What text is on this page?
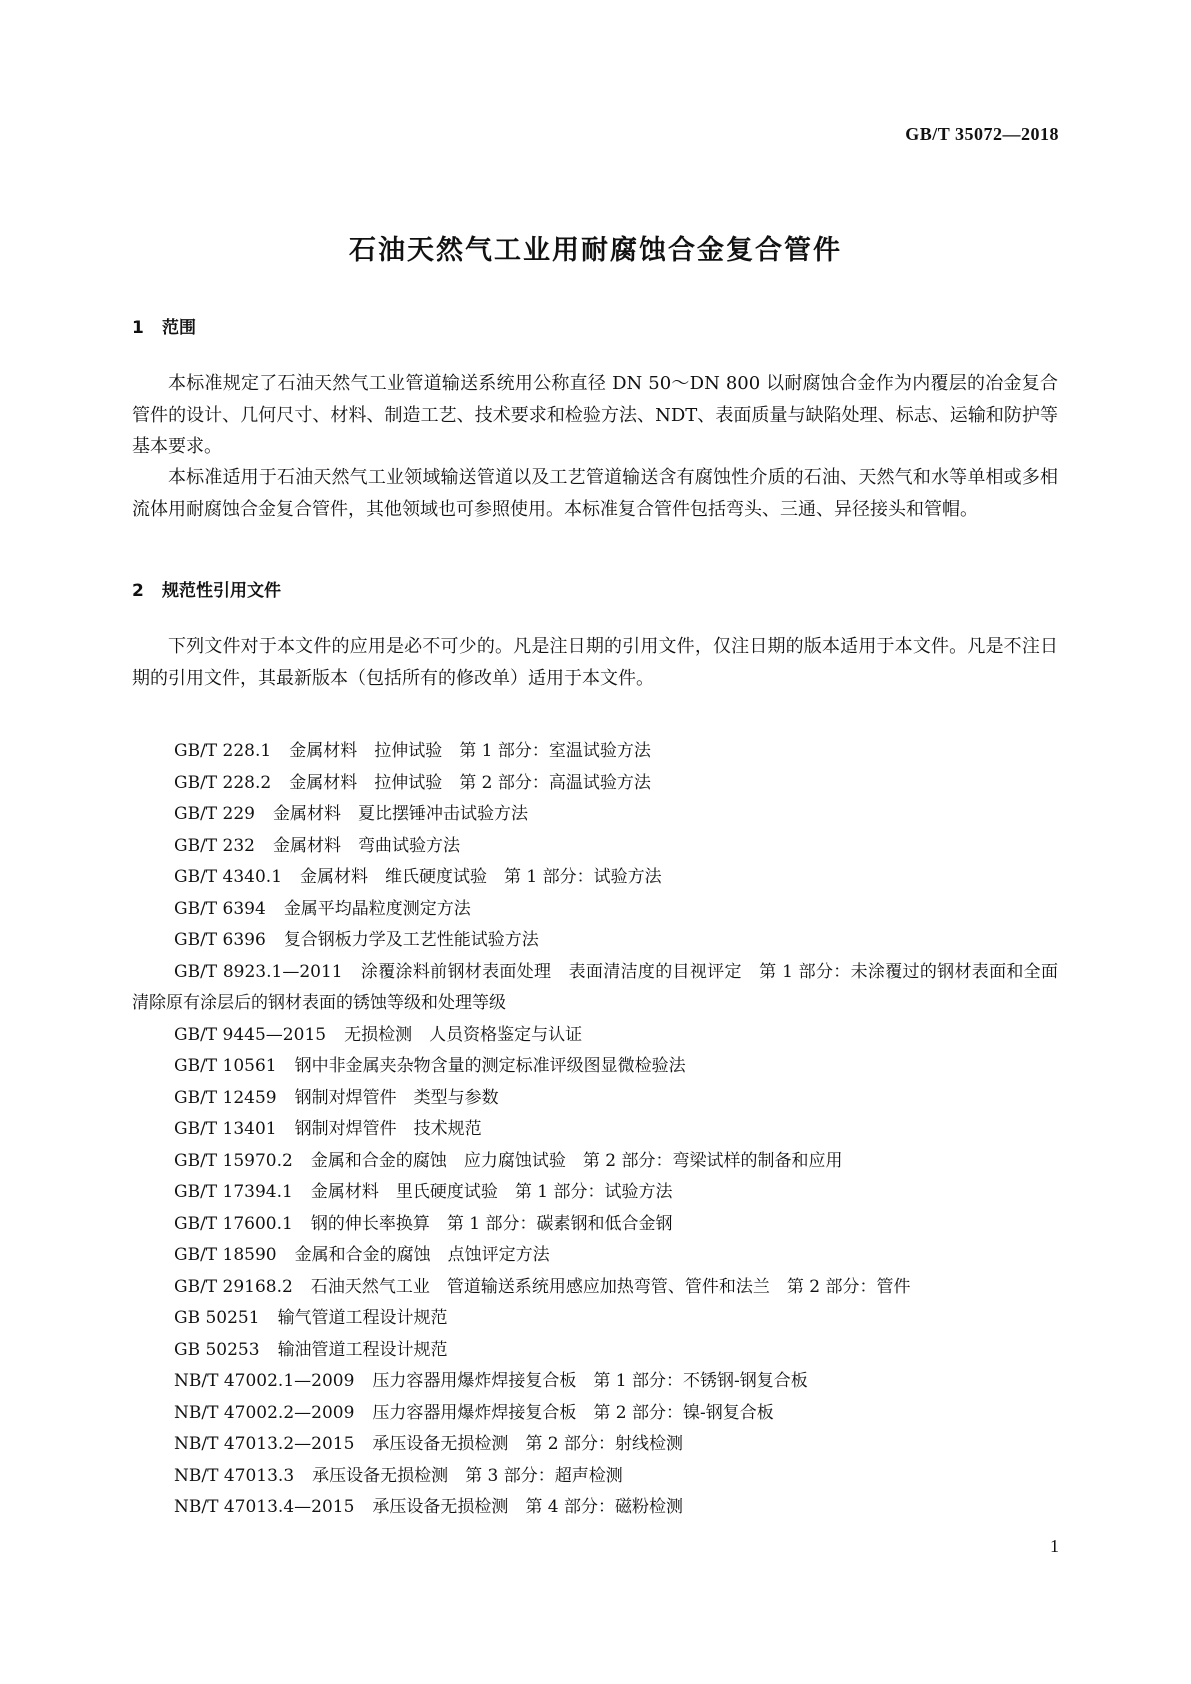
GB/T 35072—2018
石油天然气工业用耐腐蚀合金复合管件
1 范围

本标准规定了石油天然气工业管道输送系统用公称直径 DN 50～DN 800 以耐腐蚀合金作为内覆层的冶金复合管件的设计、几何尺寸、材料、制造工艺、技术要求和检验方法、NDT、表面质量与缺陷处理、标志、运输和防护等基本要求。

本标准适用于石油天然气工业领域输送管道以及工艺管道输送含有腐蚀性介质的石油、天然气和水等单相或多相流体用耐腐蚀合金复合管件，其他领域也可参照使用。本标准复合管件包括弯头、三通、异径接头和管帽。

2 规范性引用文件

下列文件对于本文件的应用是必不可少的。凡是注日期的引用文件，仅注日期的版本适用于本文件。凡是不注日期的引用文件，其最新版本（包括所有的修改单）适用于本文件。

GB/T 228.1 金属材料　拉伸试验　第 1 部分：室温试验方法
GB/T 228.2 金属材料　拉伸试验　第 2 部分：高温试验方法
GB/T 229 金属材料　夏比摆锤冲击试验方法
GB/T 232 金属材料　弯曲试验方法
GB/T 4340.1 金属材料　维氏硬度试验　第 1 部分：试验方法
GB/T 6394 金属平均晶粒度测定方法
GB/T 6396 复合钢板力学及工艺性能试验方法
GB/T 8923.1—2011 涂覆涂料前钢材表面处理　表面清洁度的目视评定　第 1 部分：未涂覆过的钢材表面和全面清除原有涂层后的钢材表面的锈蚀等级和处理等级
GB/T 9445—2015 无损检测　人员资格鉴定与认证
GB/T 10561 钢中非金属夹杂物含量的测定标准评级图显微检验法
GB/T 12459 钢制对焊管件　类型与参数
GB/T 13401 钢制对焊管件　技术规范
GB/T 15970.2 金属和合金的腐蚀　应力腐蚀试验　第 2 部分：弯梁试样的制备和应用
GB/T 17394.1 金属材料　里氏硬度试验　第 1 部分：试验方法
GB/T 17600.1 钢的伸长率换算　第 1 部分：碳素钢和低合金钢
GB/T 18590 金属和合金的腐蚀　点蚀评定方法
GB/T 29168.2 石油天然气工业　管道输送系统用感应加热弯管、管件和法兰　第 2 部分：管件
GB 50251 输气管道工程设计规范
GB 50253 输油管道工程设计规范
NB/T 47002.1—2009 压力容器用爆炸焊接复合板　第 1 部分：不锈钢-钢复合板
NB/T 47002.2—2009 压力容器用爆炸焊接复合板　第 2 部分：镍-钢复合板
NB/T 47013.2—2015 承压设备无损检测　第 2 部分：射线检测
NB/T 47013.3 承压设备无损检测　第 3 部分：超声检测
NB/T 47013.4—2015 承压设备无损检测　第 4 部分：磁粉检测
1
